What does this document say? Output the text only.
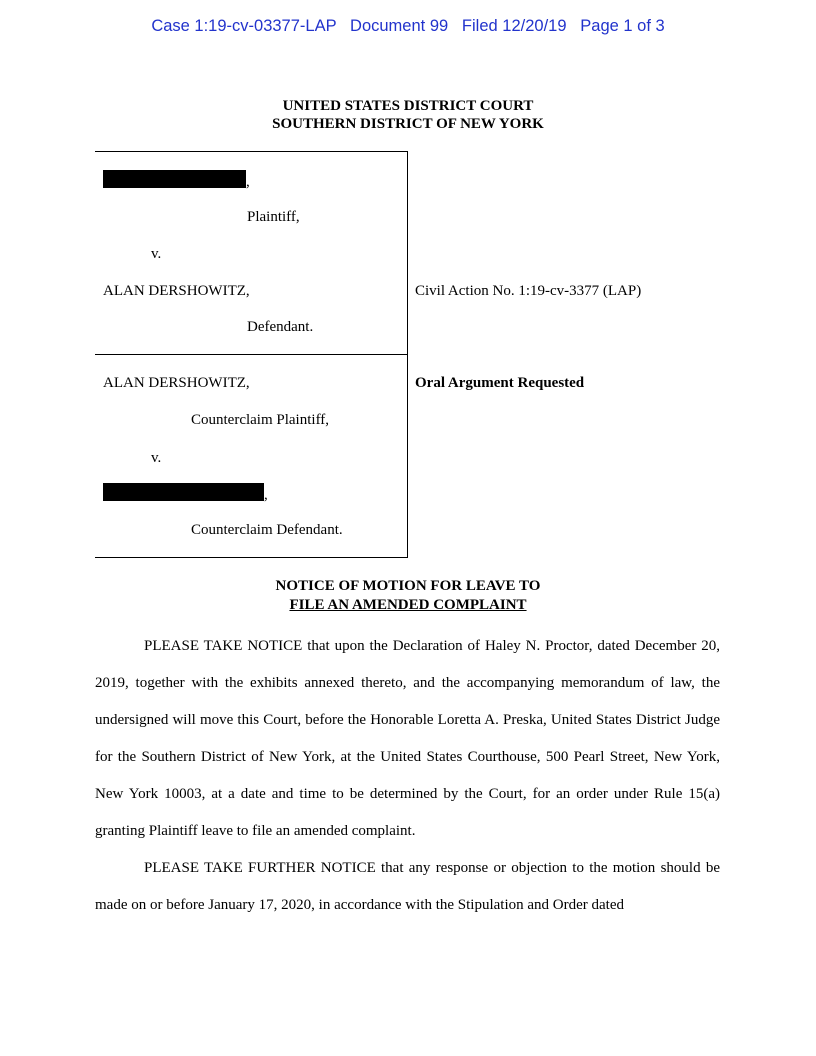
Case 1:19-cv-03377-LAP   Document 99   Filed 12/20/19   Page 1 of 3
UNITED STATES DISTRICT COURT
SOUTHERN DISTRICT OF NEW YORK
,
Plaintiff,
v.
ALAN DERSHOWITZ,
Defendant.
ALAN DERSHOWITZ,
Counterclaim Plaintiff,
v.
,
Counterclaim Defendant.
Civil Action No. 1:19-cv-3377 (LAP)
Oral Argument Requested
NOTICE OF MOTION FOR LEAVE TO
FILE AN AMENDED COMPLAINT

PLEASE TAKE NOTICE that upon the Declaration of Haley N. Proctor, dated December 20, 2019, together with the exhibits annexed thereto, and the accompanying memorandum of law, the undersigned will move this Court, before the Honorable Loretta A. Preska, United States District Judge for the Southern District of New York, at the United States Courthouse, 500 Pearl Street, New York, New York 10003, at a date and time to be determined by the Court, for an order under Rule 15(a) granting Plaintiff leave to file an amended complaint.

PLEASE TAKE FURTHER NOTICE that any response or objection to the motion should be made on or before January 17, 2020, in accordance with the Stipulation and Order dated
